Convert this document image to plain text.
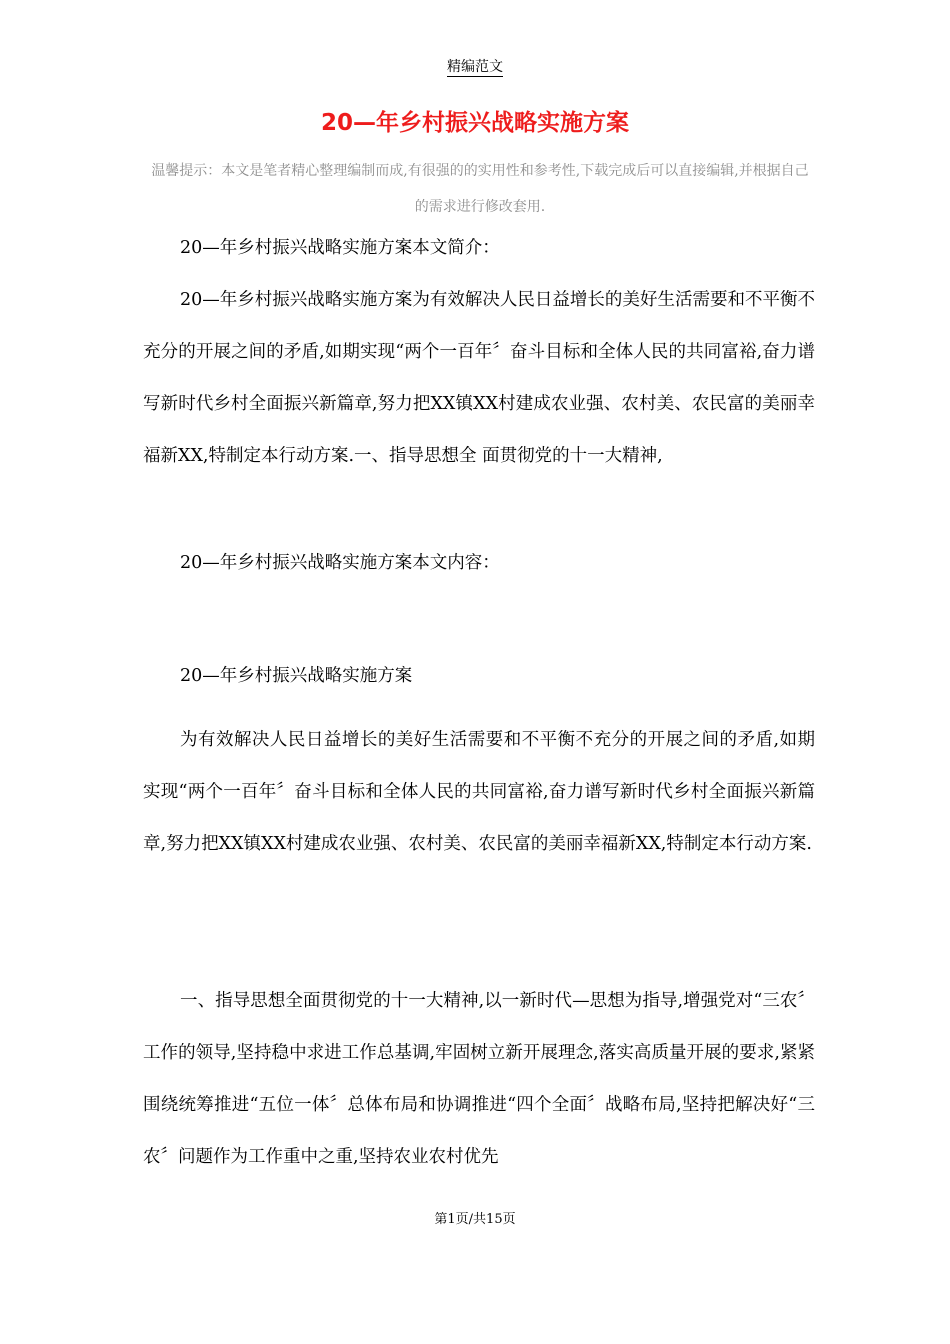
精编范文
20—年乡村振兴战略实施方案
温馨提示：本文是笔者精心整理编制而成,有很强的的实用性和参考性,下载完成后可以直接编辑,并根据自己的需求进行修改套用.
20—年乡村振兴战略实施方案本文简介：
20—年乡村振兴战略实施方案为有效解决人民日益增长的美好生活需要和不平衡不充分的开展之间的矛盾,如期实现“两个一百年〞奋斗目标和全体人民的共同富裕,奋力谱写新时代乡村全面振兴新篇章,努力把XX镇XX村建成农业强、农村美、农民富的美丽幸福新XX,特制定本行动方案.一、指导思想全 面贯彻党的十一大精神,
20—年乡村振兴战略实施方案本文内容：
20—年乡村振兴战略实施方案
为有效解决人民日益增长的美好生活需要和不平衡不充分的开展之间的矛盾,如期实现“两个一百年〞奋斗目标和全体人民的共同富裕,奋力谱写新时代乡村全面振兴新篇章,努力把XX镇XX村建成农业强、农村美、农民富的美丽幸福新XX,特制定本行动方案.
一、指导思想全面贯彻党的十一大精神,以一新时代—思想为指导,增强党对“三农〞工作的领导,坚持稳中求进工作总基调,牢固树立新开展理念,落实高质量开展的要求,紧紧围绕统筹推进“五位一体〞总体布局和协调推进“四个全面〞战略布局,坚持把解决好“三农〞问题作为工作重中之重,坚持农业农村优先
第1页/共15页
